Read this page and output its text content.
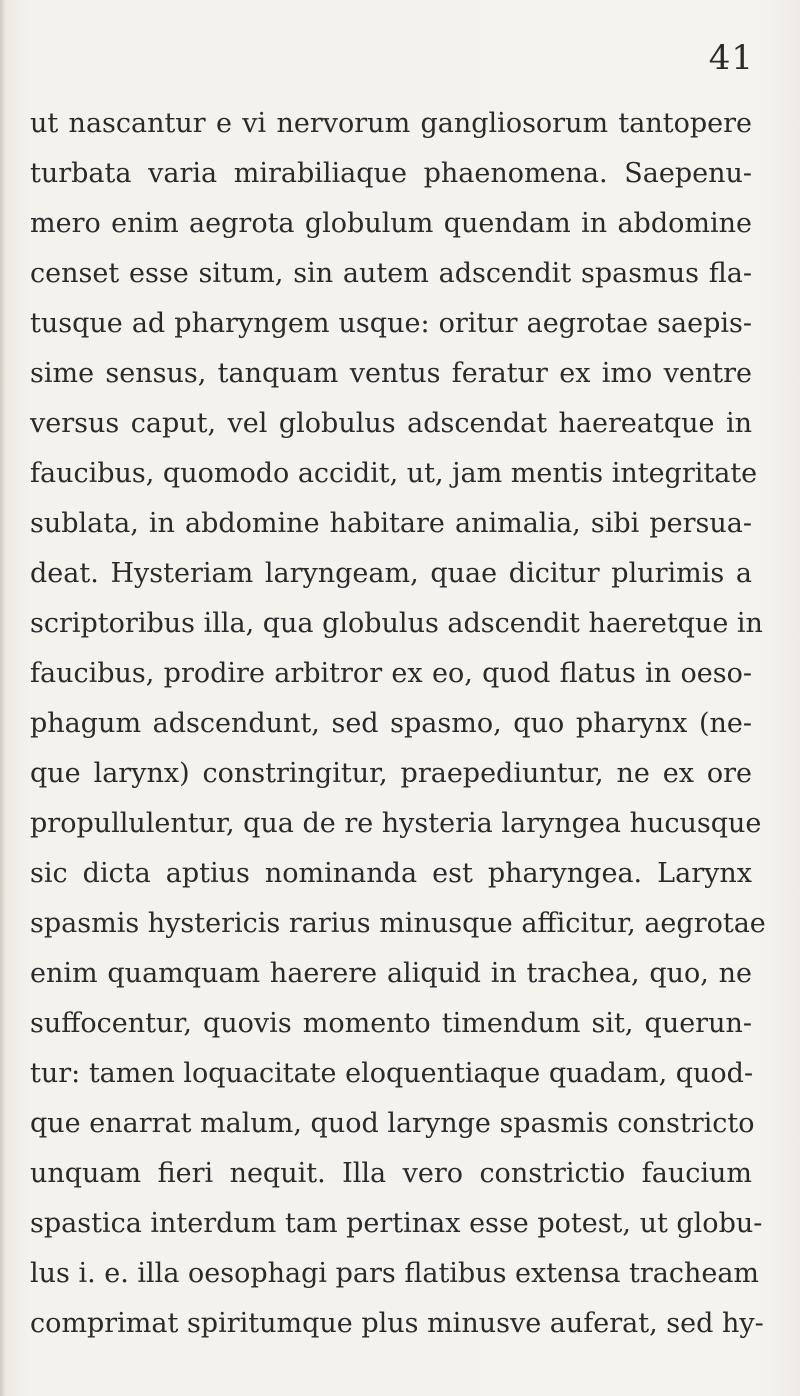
41
ut nascantur e vi nervorum gangliosorum tantopere
turbata varia mirabiliaque phaenomena. Saepenu-
mero enim aegrota globulum quendam in abdomine
censet esse situm, sin autem adscendit spasmus fla-
tusque ad pharyngem usque: oritur aegrotae saepis-
sime sensus, tanquam ventus feratur ex imo ventre
versus caput, vel globulus adscendat haereatque in
faucibus, quomodo accidit, ut, jam mentis integritate
sublata, in abdomine habitare animalia, sibi persua-
deat. Hysteriam laryngeam, quae dicitur plurimis a
scriptoribus illa, qua globulus adscendit haeretque in
faucibus, prodire arbitror ex eo, quod flatus in oeso-
phagum adscendunt, sed spasmo, quo pharynx (ne-
que larynx) constringitur, praepediuntur, ne ex ore
propullulentur, qua de re hysteria laryngea hucusque
sic dicta aptius nominanda est pharyngea. Larynx
spasmis hystericis rarius minusque afficitur, aegrotae
enim quamquam haerere aliquid in trachea, quo, ne
suffocentur, quovis momento timendum sit, querun-
tur: tamen loquacitate eloquentiaque quadam, quod-
que enarrat malum, quod larynge spasmis constricto
unquam fieri nequit. Illa vero constrictio faucium
spastica interdum tam pertinax esse potest, ut globu-
lus i. e. illa oesophagi pars flatibus extensa tracheam
comprimat spiritumque plus minusve auferat, sed hy-
